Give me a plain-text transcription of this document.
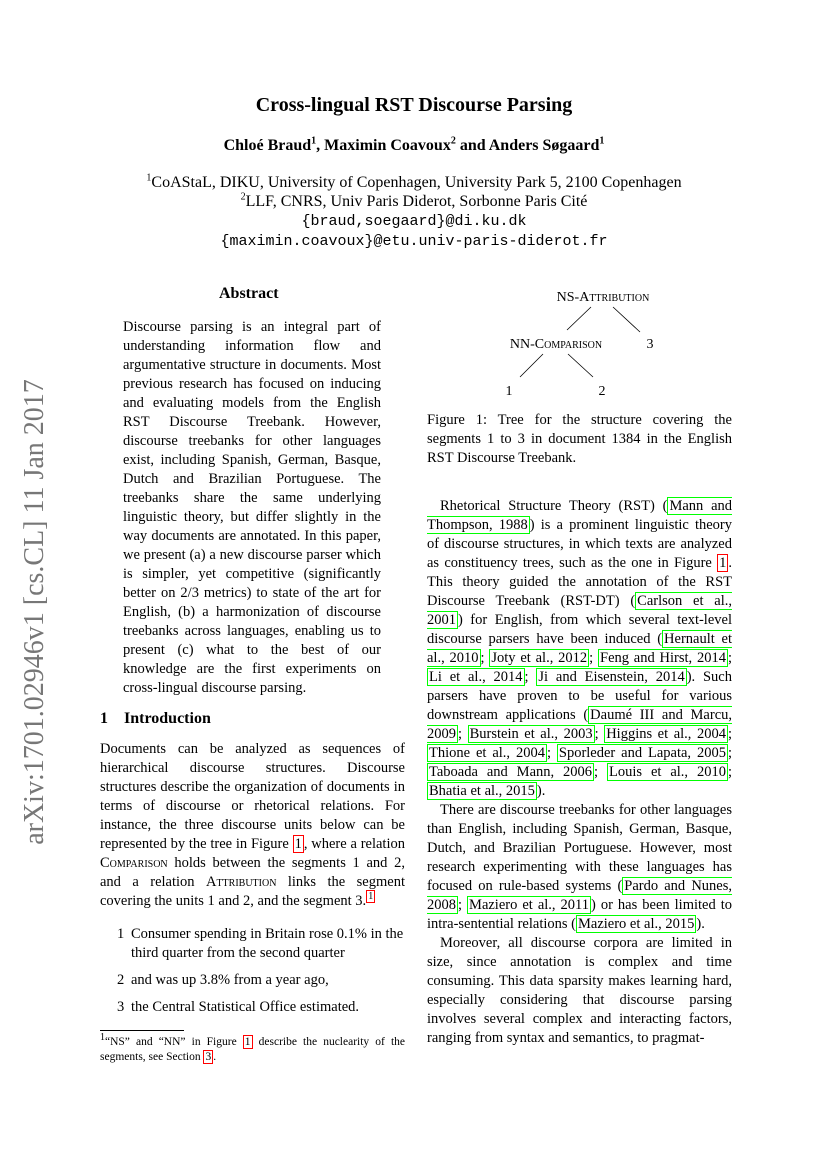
Cross-lingual RST Discourse Parsing
Chloé Braud$^1$, Maximin Coavoux$^2$ and Anders Søgaard$^1$
$^1$CoAStaL, DIKU, University of Copenhagen, University Park 5, 2100 Copenhagen
$^2$LLF, CNRS, Univ Paris Diderot, Sorbonne Paris Cité
{braud,soegaard}@di.ku.dk
{maximin.coavoux}@etu.univ-paris-diderot.fr
arXiv:1701.02946v1 [cs.CL] 11 Jan 2017
Abstract

Discourse parsing is an integral part of understanding information flow and argumentative structure in documents. Most previous research has focused on inducing and evaluating models from the English RST Discourse Treebank. However, discourse treebanks for other languages exist, including Spanish, German, Basque, Dutch and Brazilian Portuguese. The treebanks share the same underlying linguistic theory, but differ slightly in the way documents are annotated. In this paper, we present (a) a new discourse parser which is simpler, yet competitive (significantly better on 2/3 metrics) to state of the art for English, (b) a harmonization of discourse treebanks across languages, enabling us to present (c) what to the best of our knowledge are the first experiments on cross-lingual discourse parsing.

1 Introduction

Documents can be analyzed as sequences of hierarchical discourse structures. Discourse structures describe the organization of documents in terms of discourse or rhetorical relations. For instance, the three discourse units below can be represented by the tree in Figure 1 , where a relation Comparison holds between the segments 1 and 2, and a relation Attribution links the segment covering the units 1 and 2, and the segment 3. $^1$

1 Consumer spending in Britain rose 0.1% in the third quarter from the second quarter
2 and was up 3.8% from a year ago,
3 the Central Statistical Office estimated.

$^1$“NS” and “NN” in Figure 1 describe the nuclearity of the segments, see Section 3 .

NS-Attribution
NN-Comparison	3
1	2

Figure 1: Tree for the structure covering the segments 1 to 3 in document 1384 in the English RST Discourse Treebank.

Rhetorical Structure Theory (RST) ( Mann and Thompson, 1988 ) is a prominent linguistic theory of discourse structures, in which texts are analyzed as constituency trees, such as the one in Figure 1 . This theory guided the annotation of the RST Discourse Treebank (RST-DT) ( Carlson et al., 2001 ) for English, from which several text-level discourse parsers have been induced ( Hernault et al., 2010 ; Joty et al., 2012 ; Feng and Hirst, 2014 ; Li et al., 2014 ; Ji and Eisenstein, 2014 ). Such parsers have proven to be useful for various downstream applications ( Daumé III and Marcu, 2009 ; Burstein et al., 2003 ; Higgins et al., 2004 ; Thione et al., 2004 ; Sporleder and Lapata, 2005 ; Taboada and Mann, 2006 ; Louis et al., 2010 ; Bhatia et al., 2015 ).

There are discourse treebanks for other languages than English, including Spanish, German, Basque, Dutch, and Brazilian Portuguese. However, most research experimenting with these languages has focused on rule-based systems ( Pardo and Nunes, 2008 ; Maziero et al., 2011 ) or has been limited to intra-sentential relations ( Maziero et al., 2015 ).

Moreover, all discourse corpora are limited in size, since annotation is complex and time consuming. This data sparsity makes learning hard, especially considering that discourse parsing involves several complex and interacting factors, ranging from syntax and semantics, to pragmat-
